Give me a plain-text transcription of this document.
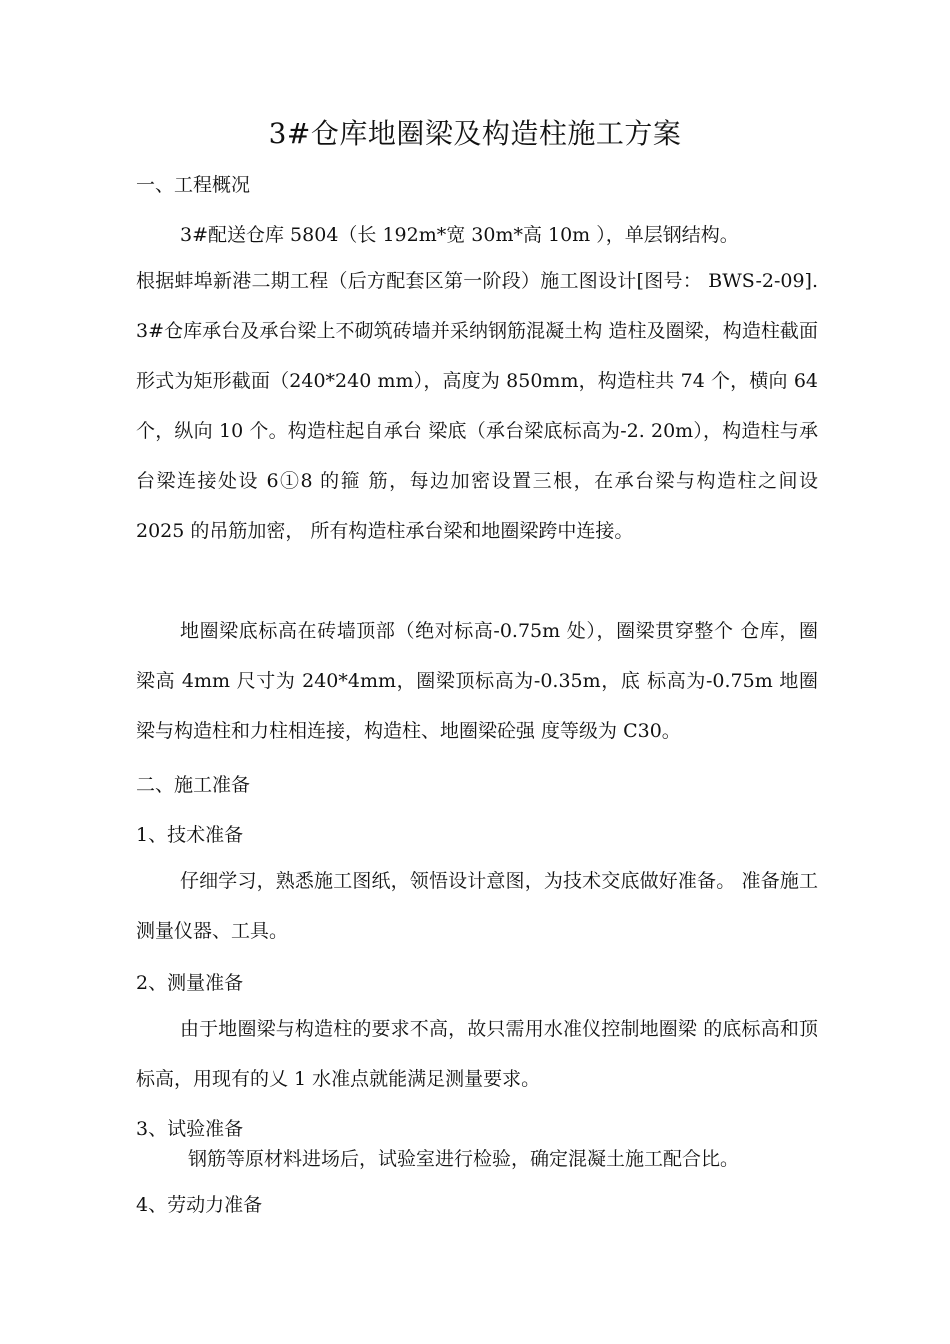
3#仓库地圈梁及构造柱施工方案

一、工程概况

3#配送仓库 5804（长 192m*宽 30m*高 10m ），单层钢结构。

根据蚌埠新港二期工程（后方配套区第一阶段）施工图设计[图号： BWS-2-09]. 3#仓库承台及承台梁上不砌筑砖墙并采纳钢筋混凝土构 造柱及圈梁，构造柱截面形式为矩形截面（240*240 mm），高度为 850mm，构造柱共 74 个，横向 64 个，纵向 10 个。构造柱起自承台 梁底（承台梁底标高为-2. 20m），构造柱与承台梁连接处设 6①8 的箍 筋，每边加密设置三根，在承台梁与构造柱之间设 2025 的吊筋加密， 所有构造柱承台梁和地圈梁跨中连接。

地圈梁底标高在砖墙顶部（绝对标高-0.75m 处），圈梁贯穿整个 仓库，圈梁高 4mm 尺寸为 240*4mm，圈梁顶标高为-0.35m，底 标高为-0.75m 地圈梁与构造柱和力柱相连接，构造柱、地圈梁砼强 度等级为 C30。

二、施工准备

1、技术准备

仔细学习，熟悉施工图纸，领悟设计意图，为技术交底做好准备。 准备施工测量仪器、工具。

2、测量准备

由于地圈梁与构造柱的要求不高，故只需用水准仪控制地圈梁 的底标高和顶标高，用现有的乂 1 水准点就能满足测量要求。

3、试验准备

钢筋等原材料进场后，试验室进行检验，确定混凝土施工配合比。

4、劳动力准备
